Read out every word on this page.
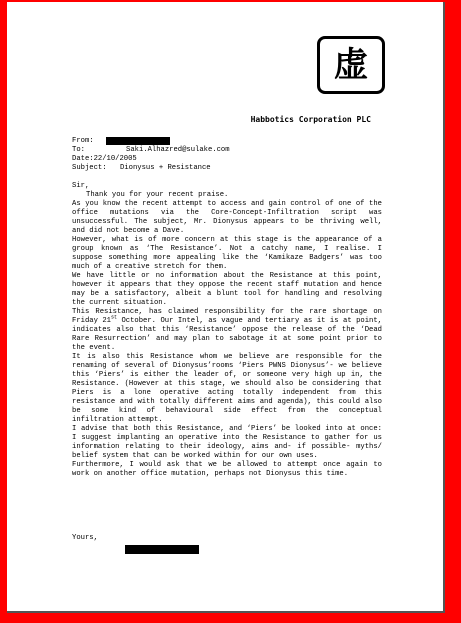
虚
Habbotics Corporation PLC
From:
To:	Saki.Alhazred@sulake.com
Date: 22/10/2005
Subject:	Dionysus + Resistance
Sir,

Thank you for your recent praise.

As you know the recent attempt to access and gain control of one of the office mutations via the Core-Concept-Infiltration script was unsuccessful. The subject, Mr. Dionysus appears to be thriving well, and did not become a Dave.

However, what is of more concern at this stage is the appearance of a group known as ‘The Resistance’. Not a catchy name, I realise. I suppose something more appealing like the ‘Kamikaze Badgers’ was too much of a creative stretch for them.

We have little or no information about the Resistance at this point, however it appears that they oppose the recent staff mutation and hence may be a satisfactory, albeit a blunt tool for handling and resolving the current situation.

This Resistance, has claimed responsibility for the rare shortage on Friday 21st October. Our Intel, as vague and tertiary as it is at point, indicates also that this ‘Resistance’ oppose the release of the ‘Dead Rare Resurrection’ and may plan to sabotage it at some point prior to the event.

It is also this Resistance whom we believe are responsible for the renaming of several of Dionysus’rooms ‘Piers PWNS Dionysus’- we believe this ‘Piers’ is either the leader of, or someone very high up in, the Resistance. (However at this stage, we should also be considering that Piers is a lone operative acting totally independent from this resistance and with totally different aims and agenda), this could also be some kind of behavioural side effect from the conceptual infiltration attempt.

I advise that both this Resistance, and ‘Piers’ be looked into at once: I suggest implanting an operative into the Resistance to gather for us information relating to their ideology, aims and- if possible- myths/ belief system that can be worked within for our own uses.

Furthermore, I would ask that we be allowed to attempt once again to work on another office mutation, perhaps not Dionysus this time.

Yours,
